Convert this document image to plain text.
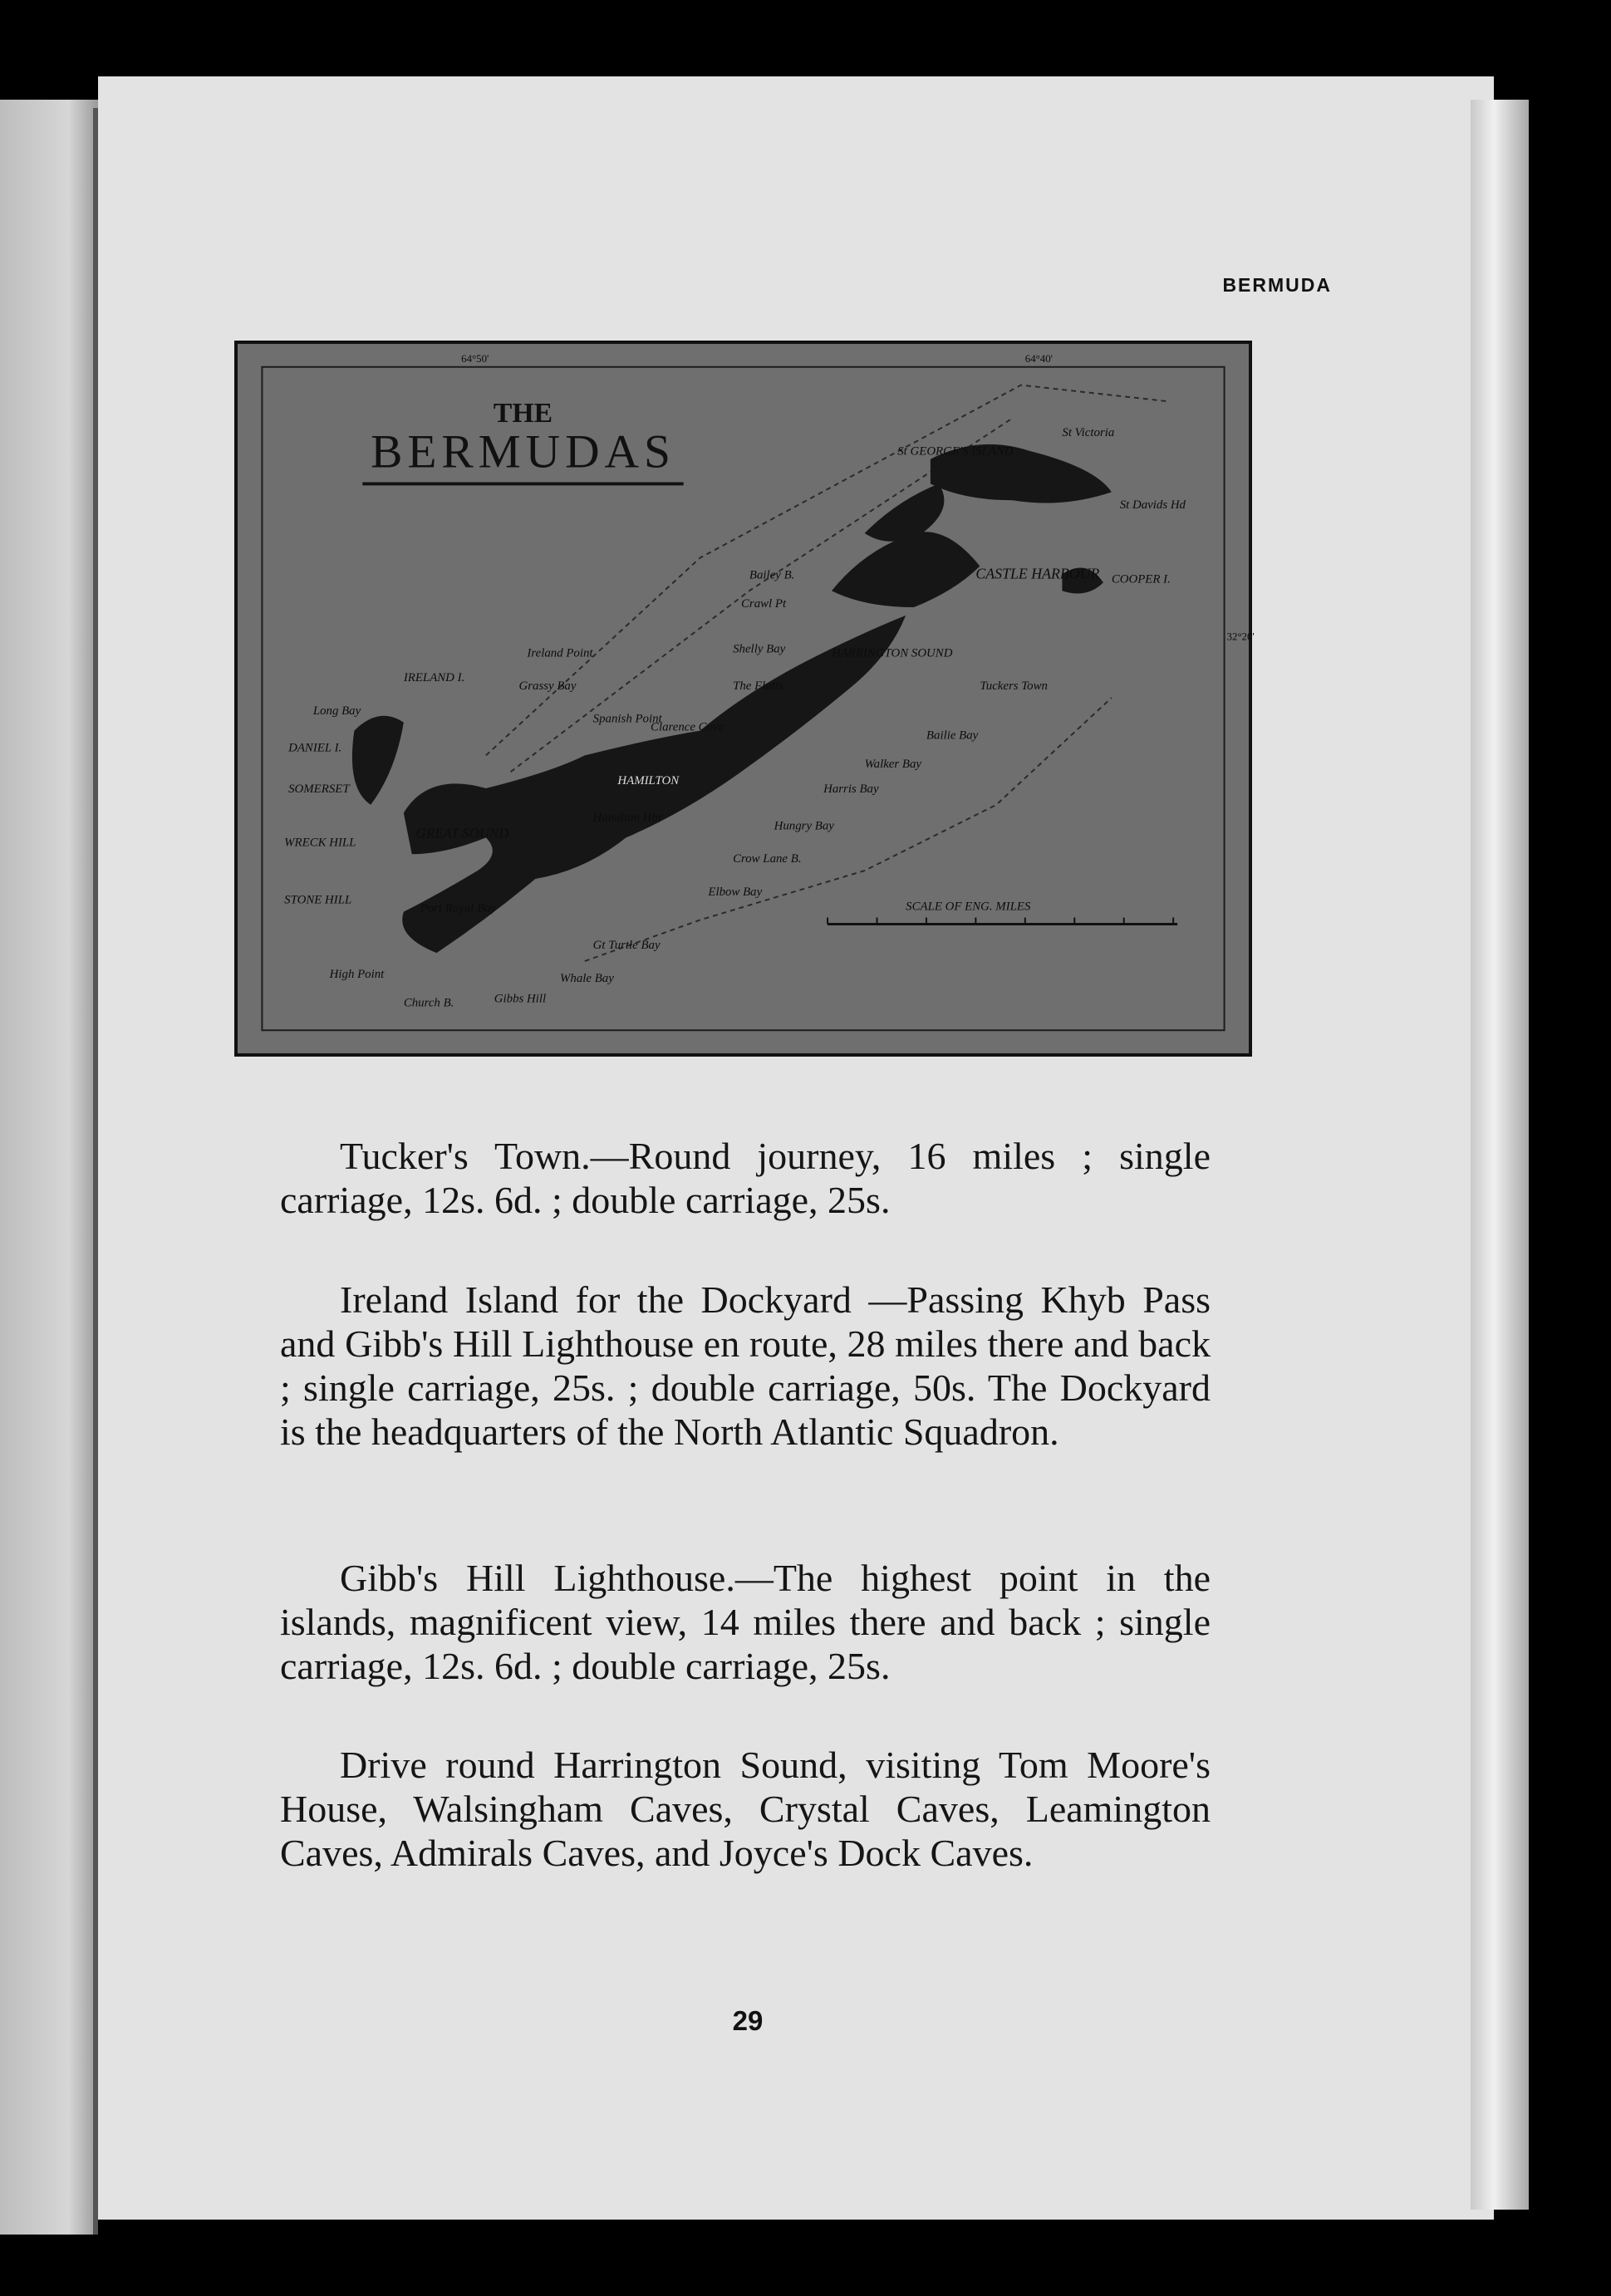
BERMUDA
THE
BERMUDAS	St GEORGE'S ISLAND
St Victoria
St Davids Hd
CASTLE HARBOUR COOPER I.
Bailey B.
Crawl Pt
Shelly Bay	HARRINGTON SOUND
The Flatts
Ireland Point
IRELAND I.
Grassy Bay
Spanish Point
Clarence Cove
Long Bay
DANIEL I.
SOMERSET
HAMILTON
Hamilton Hbr
GREAT SOUND
WRECK HILL
STONE HILL
Port Royal Bay
High Point
Church B.	Gibbs Hill
Whale Bay
Gt Turtle Bay
Elbow Bay
Crow Lane B.
Hungry Bay
Harris Bay
Walker Bay
Bailie Bay
Tuckers Town
64°50'	64°40'
32°20'
SCALE OF ENG. MILES

Tucker's Town.—Round journey, 16 miles ; single carriage, 12s. 6d. ; double carriage, 25s.

Ireland Island for the Dockyard —Passing Khyb Pass and Gibb's Hill Lighthouse en route, 28 miles there and back ; single carriage, 25s. ; double carriage, 50s. The Dockyard is the headquarters of the North Atlantic Squadron.

Gibb's Hill Lighthouse.—The highest point in the islands, magnificent view, 14 miles there and back ; single carriage, 12s. 6d. ; double carriage, 25s.

Drive round Harrington Sound, visiting Tom Moore's House, Walsingham Caves, Crystal Caves, Leamington Caves, Admirals Caves, and Joyce's Dock Caves.

29
